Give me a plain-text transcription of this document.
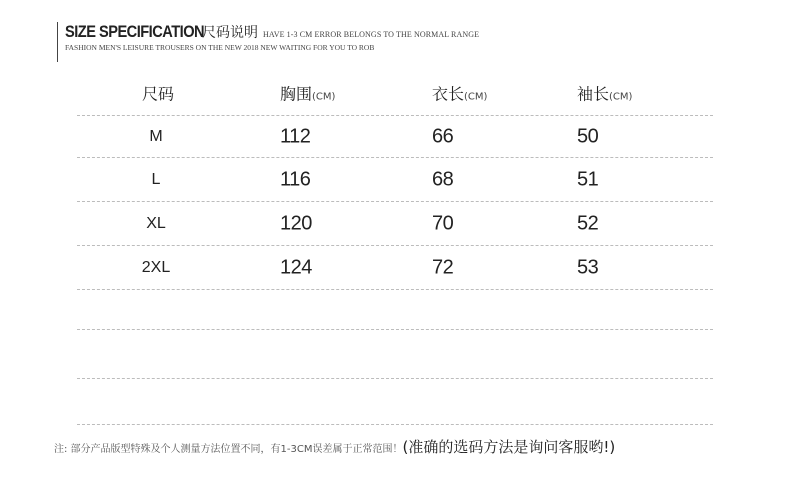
SIZE SPECIFICATION
尺码说明 HAVE 1-3 CM ERROR BELONGS TO THE NORMAL RANGE
FASHION MEN'S LEISURE TROUSERS ON THE NEW 2018 NEW WAITING FOR YOU TO ROB
尺码	胸围(CM)	衣长(CM)	袖长(CM)
M	112	66	50
L	116	68	51
XL	120	70	52
2XL	124	72	53
注: 部分产品版型特殊及个人测量方法位置不同，有1-3CM误差属于正常范围！ (准确的选码方法是询问客服哟!)
